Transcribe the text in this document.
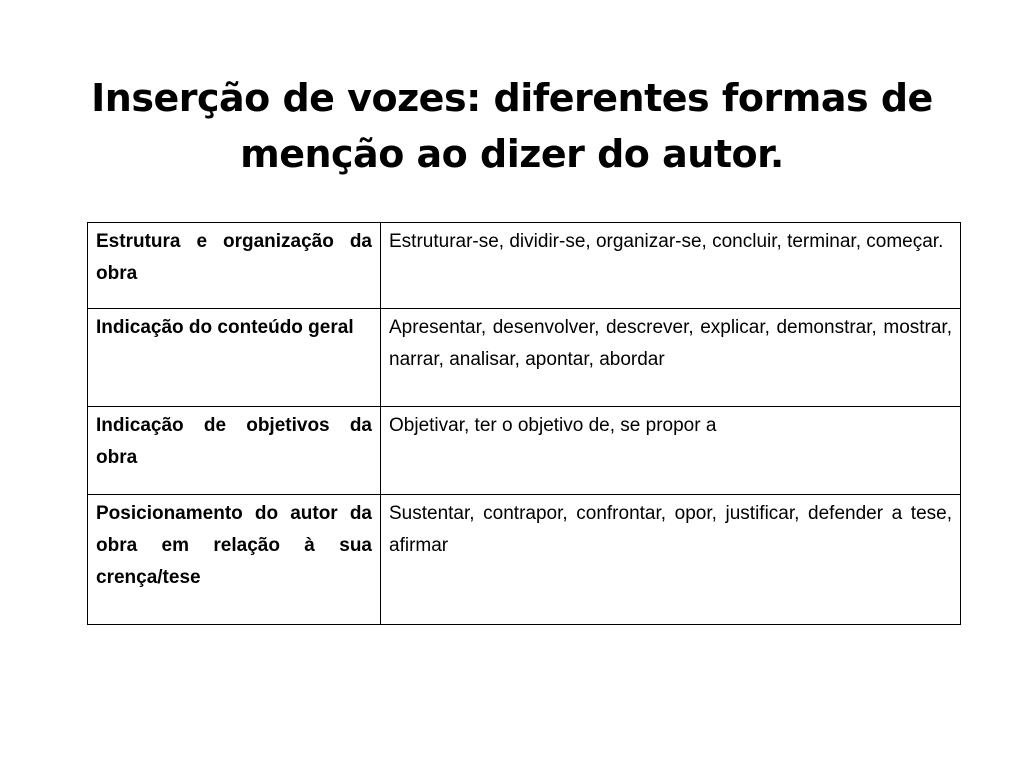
Inserção de vozes: diferentes formas de menção ao dizer do autor.
Estrutura e organização da obra	Estruturar-se, dividir-se, organizar-se, concluir, terminar, começar.
Indicação do conteúdo geral	Apresentar, desenvolver, descrever, explicar, demonstrar, mostrar, narrar, analisar, apontar, abordar
Indicação de objetivos da obra	Objetivar, ter o objetivo de, se propor a
Posicionamento do autor da obra em relação à sua crença/tese	Sustentar, contrapor, confrontar, opor, justificar, defender a tese, afirmar
